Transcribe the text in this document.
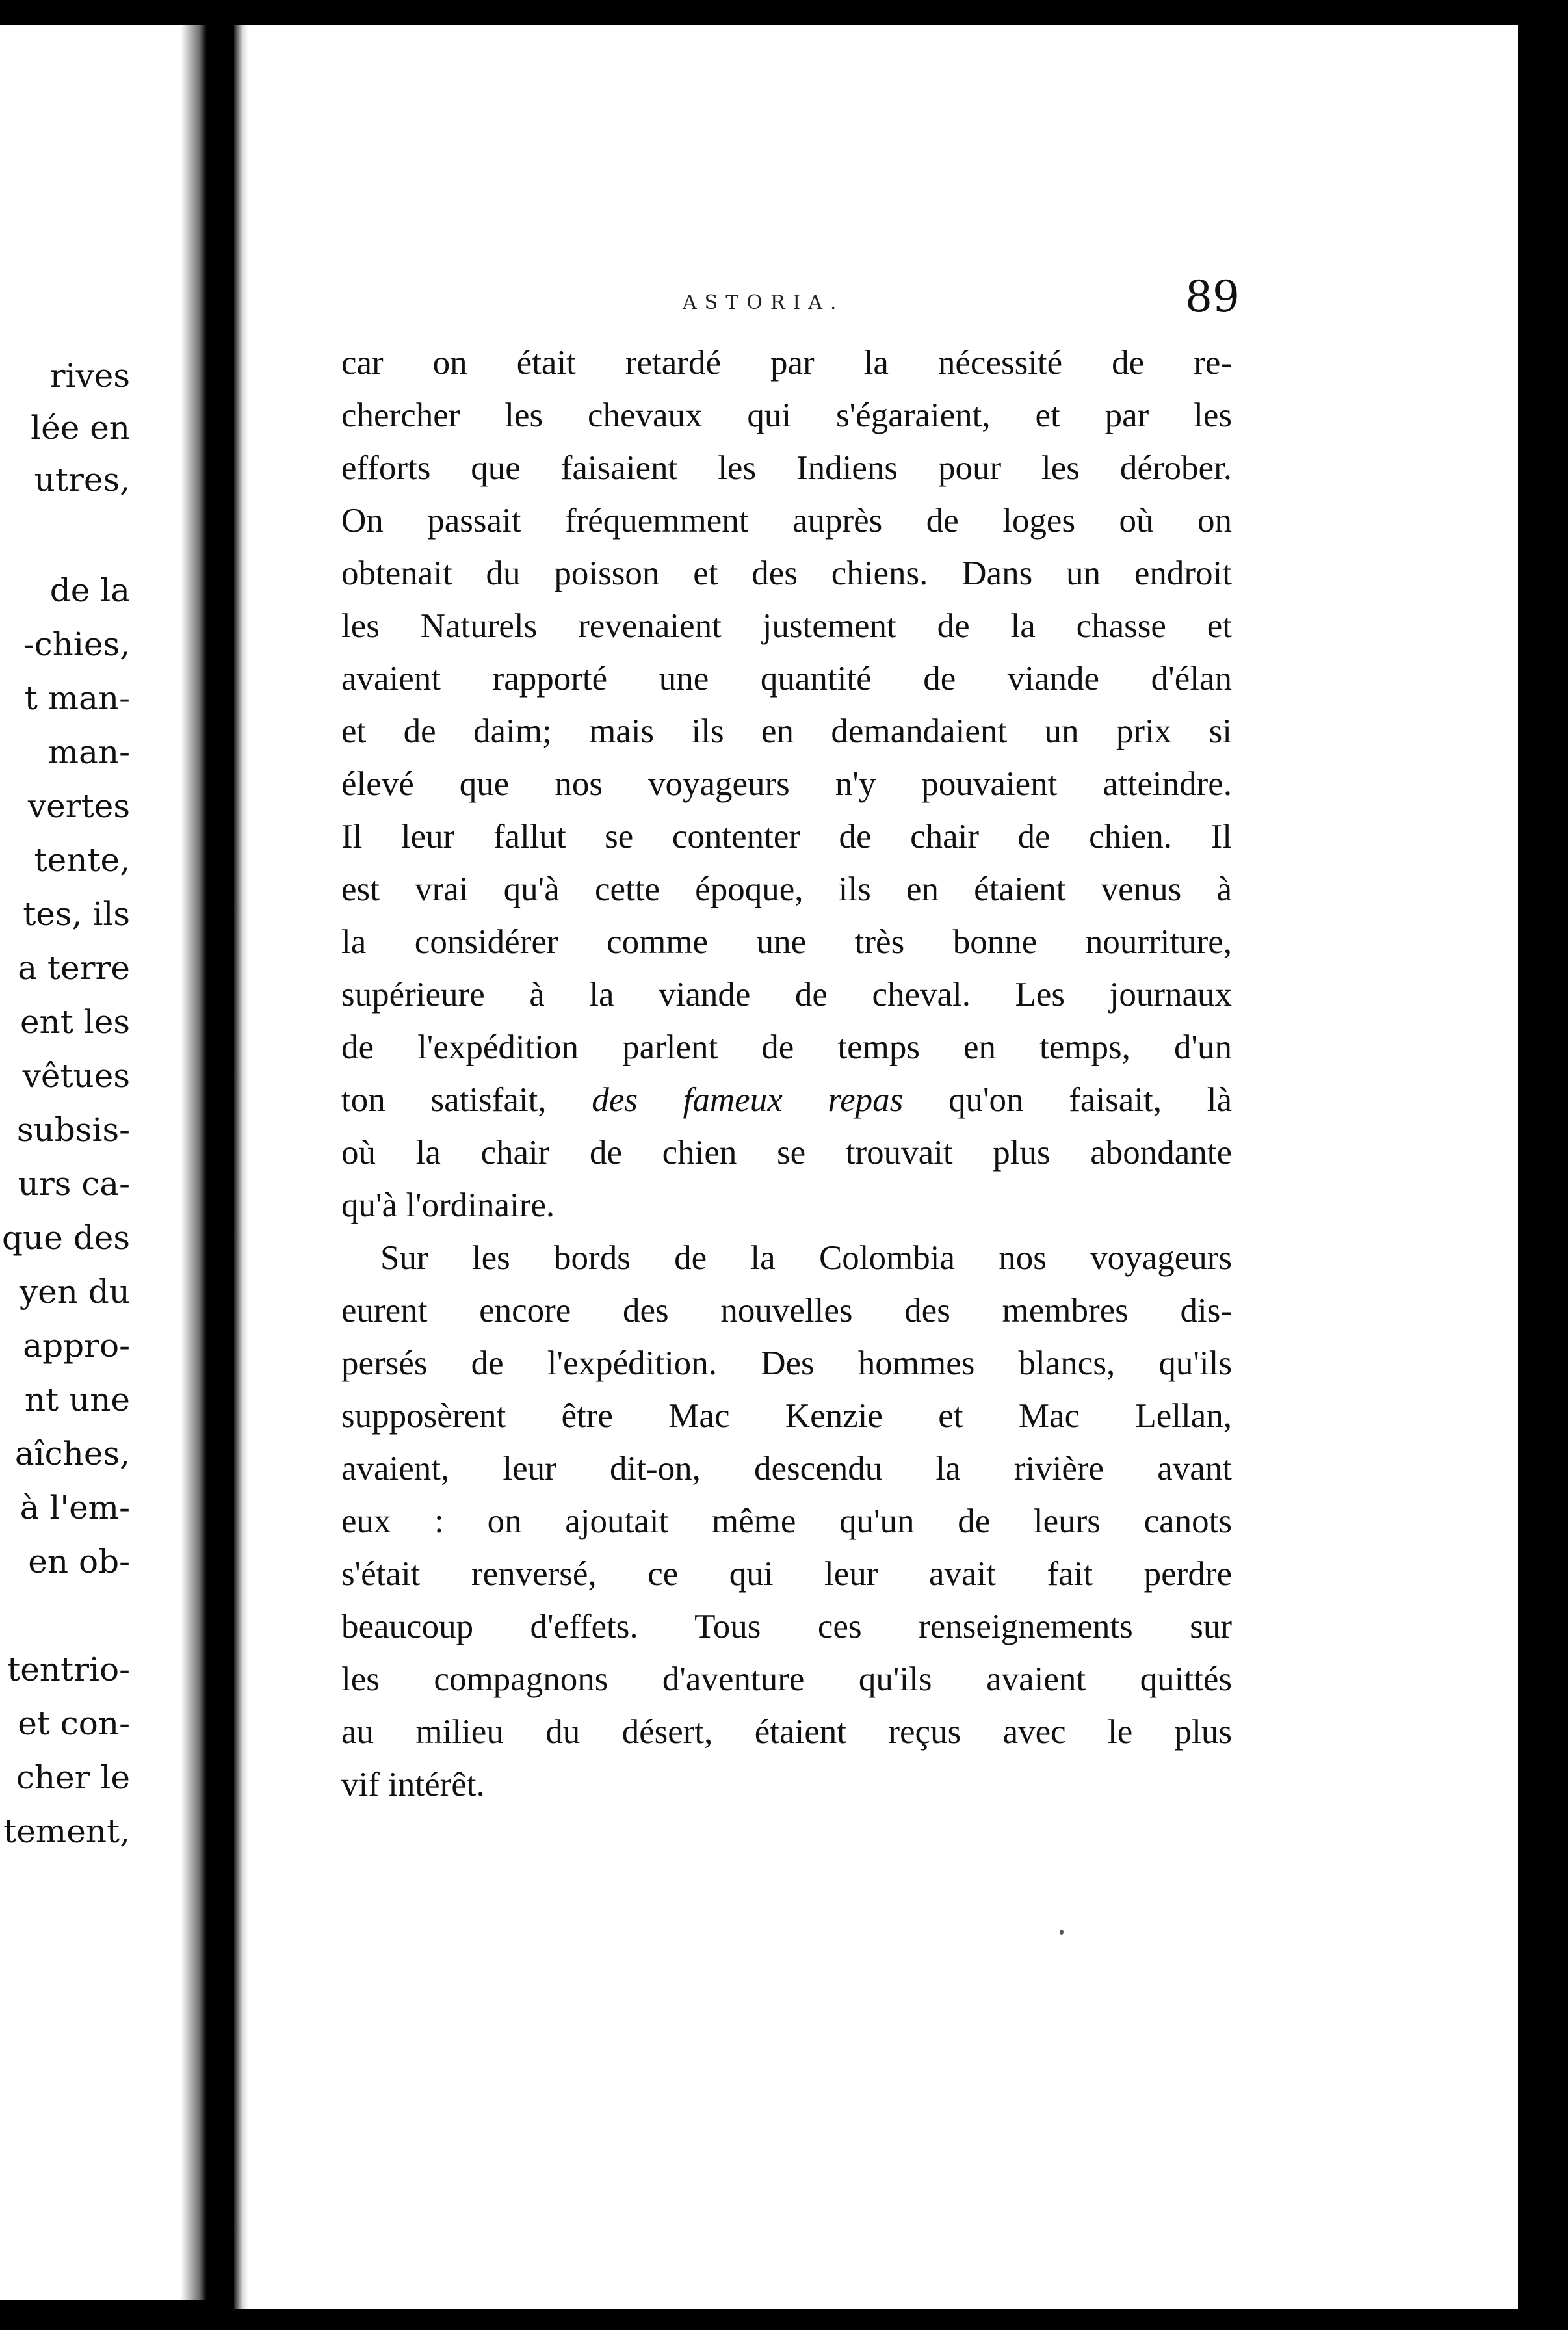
rives
lée en
utres,
de la
-chies,
t man-
man-
vertes
tente,
tes, ils
a terre
ent les
vêtues
subsis-
urs ca-
que des
yen du
appro-
nt une
aîches,
à l'em-
en ob-
tentrio-
et con-
cher le
tement,
ASTORIA.	89
car on était retardé par la nécessité de re-
chercher les chevaux qui s'égaraient, et par les
efforts que faisaient les Indiens pour les dérober.
On passait fréquemment auprès de loges où on
obtenait du poisson et des chiens. Dans un endroit
les Naturels revenaient justement de la chasse et
avaient rapporté une quantité de viande d'élan
et de daim; mais ils en demandaient un prix si
élevé que nos voyageurs n'y pouvaient atteindre.
Il leur fallut se contenter de chair de chien. Il
est vrai qu'à cette époque, ils en étaient venus à
la considérer comme une très bonne nourriture,
supérieure à la viande de cheval. Les journaux
de l'expédition parlent de temps en temps, d'un
ton satisfait, des fameux repas qu'on faisait, là
où la chair de chien se trouvait plus abondante
qu'à l'ordinaire.
Sur les bords de la Colombia nos voyageurs
eurent encore des nouvelles des membres dis-
persés de l'expédition. Des hommes blancs, qu'ils
supposèrent être Mac Kenzie et Mac Lellan,
avaient, leur dit-on, descendu la rivière avant
eux : on ajoutait même qu'un de leurs canots
s'était renversé, ce qui leur avait fait perdre
beaucoup d'effets. Tous ces renseignements sur
les compagnons d'aventure qu'ils avaient quittés
au milieu du désert, étaient reçus avec le plus
vif intérêt.
